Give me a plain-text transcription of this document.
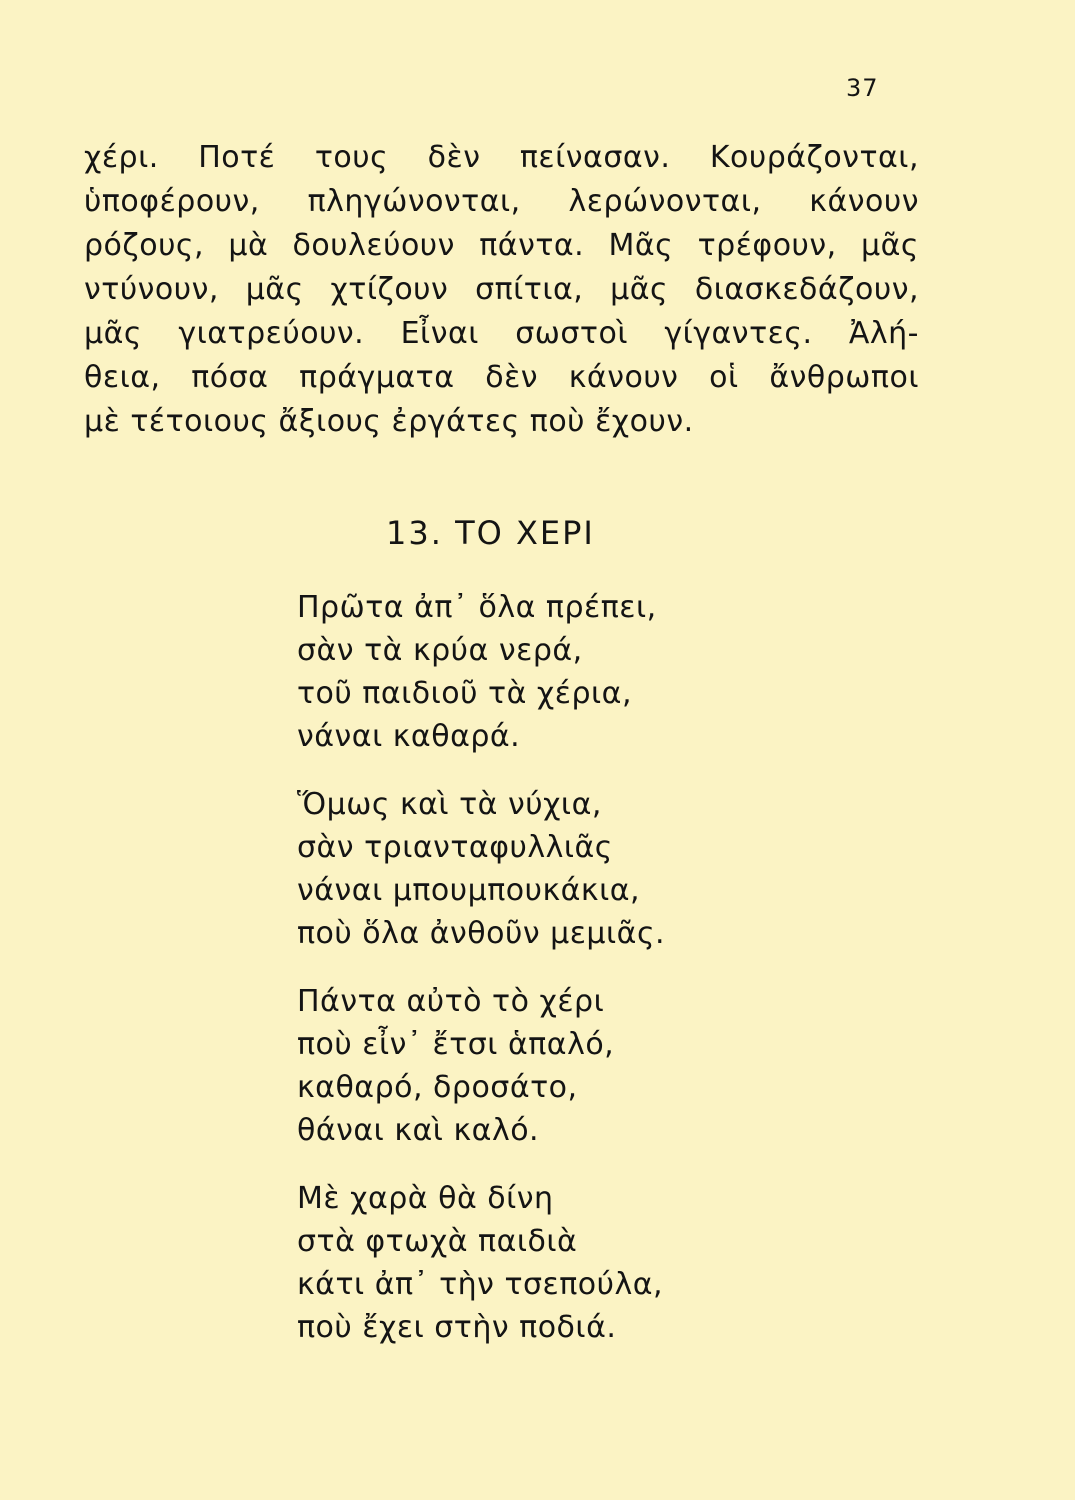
37
χέρι. Ποτέ τους δὲν πείνασαν. Κουράζονται,
ὑποφέρουν, πληγώνονται, λερώνονται, κάνουν
ρόζους, μὰ δουλεύουν πάντα. Μᾶς τρέφουν, μᾶς
ντύνουν, μᾶς χτίζουν σπίτια, μᾶς διασκεδάζουν,
μᾶς γιατρεύουν. Εἶναι σωστοὶ γίγαντες. Ἀλή-
θεια, πόσα πράγματα δὲν κάνουν οἱ ἄνθρωποι
μὲ τέτοιους ἄξιους ἐργάτες ποὺ ἔχουν.
13. ΤΟ ΧΕΡΙ
Πρῶτα ἀπ᾿ ὅλα πρέπει,
σὰν τὰ κρύα νερά,
τοῦ παιδιοῦ τὰ χέρια,
νάναι καθαρά.
Ὅμως καὶ τὰ νύχια,
σὰν τριανταφυλλιᾶς
νάναι μπουμπουκάκια,
ποὺ ὅλα ἀνθοῦν μεμιᾶς.
Πάντα αὐτὸ τὸ χέρι
ποὺ εἶν᾿ ἔτσι ἁπαλό,
καθαρό, δροσάτο,
θάναι καὶ καλό.
Μὲ χαρὰ θὰ δίνη
στὰ φτωχὰ παιδιὰ
κάτι ἀπ᾿ τὴν τσεπούλα,
ποὺ ἔχει στὴν ποδιά.
